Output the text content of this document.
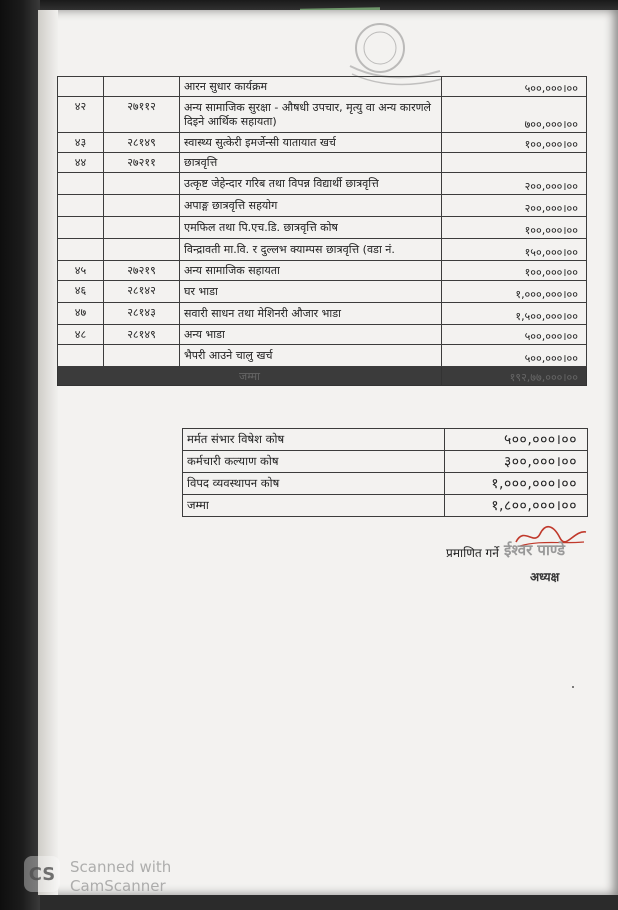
		आरन सुधार कार्यक्रम	५००,०००।००
४२	२७११२	अन्य सामाजिक सुरक्षा - औषधी उपचार, मृत्यु वा अन्य कारणले दिइने आर्थिक सहायता)	७००,०००।००
४३	२८१४९	स्वास्थ्य सुत्केरी इमर्जेन्सी यातायात खर्च	१००,०००।००
४४	२७२११	छात्रवृत्ति	
		उत्कृष्ट जेहेन्दार गरिब तथा विपन्न विद्यार्थी छात्रवृत्ति	२००,०००।००
		अपाङ्ग छात्रवृत्ति सहयोग	२००,०००।००
		एमफिल तथा पि.एच.डि. छात्रवृत्ति कोष	१००,०००।००
		विन्द्रावती मा.वि. र दुल्लभ क्याम्पस छात्रवृत्ति (वडा नं.	१५०,०००।००
४५	२७२१९	अन्य सामाजिक सहायता	१००,०००।००
४६	२८१४२	घर भाडा	१,०००,०००।००
४७	२८१४३	सवारी साधन तथा मेशिनरी औजार भाडा	१,५००,०००।००
४८	२८१४९	अन्य भाडा	५००,०००।००
		भैपरी आउने चालु खर्च	५००,०००।००
जम्मा			१९२,७७,०००।००
मर्मत संभार विषेश कोष	५००,०००।००
कर्मचारी कल्याण कोष	३००,०००।००
विपद व्यवस्थापन कोष	१,०००,०००।००
जम्मा	१,८००,०००।००
प्रमाणित गर्ने ईश्वर पाण्डे
अध्यक्ष
CS Scanned with
CamScanner
